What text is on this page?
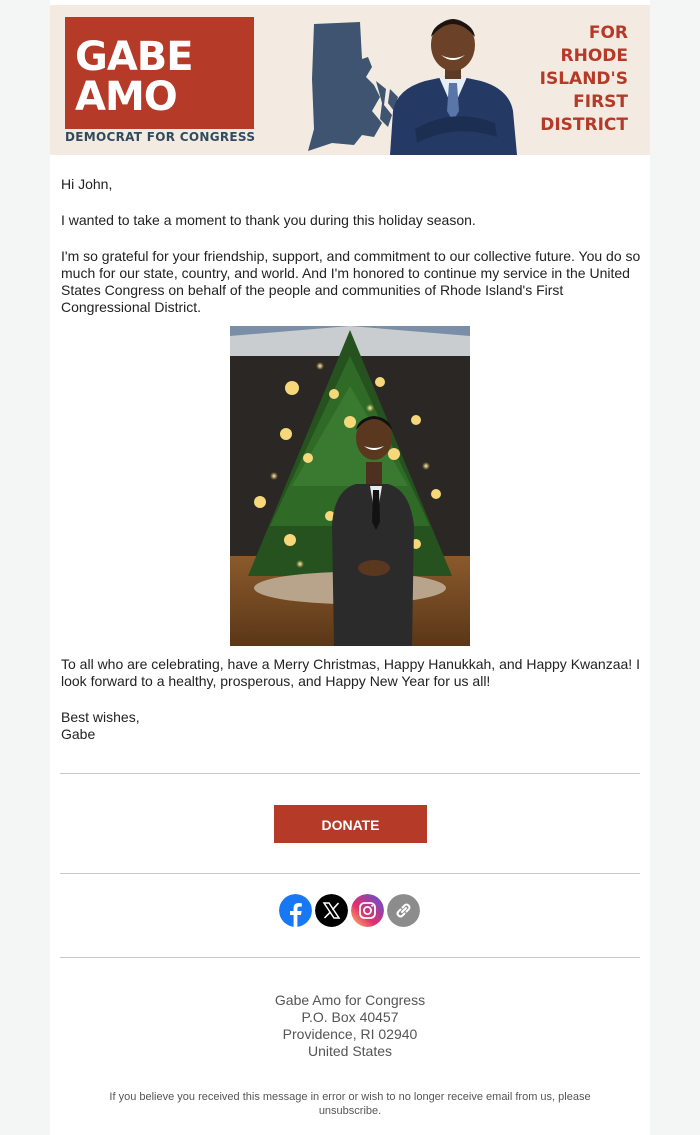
GABE
AMO
DEMOCRAT FOR CONGRESS
FOR
RHODE
ISLAND'S
FIRST
DISTRICT
Hi John,
I wanted to take a moment to thank you during this holiday season.
I'm so grateful for your friendship, support, and commitment to our collective future. You do so much for our state, country, and world. And I'm honored to continue my service in the United States Congress on behalf of the people and communities of Rhode Island's First Congressional District.
To all who are celebrating, have a Merry Christmas, Happy Hanukkah, and Happy Kwanzaa! I look forward to a healthy, prosperous, and Happy New Year for us all!
Best wishes,
Gabe
DONATE
Gabe Amo for Congress
P.O. Box 40457
Providence, RI 02940
United States
If you believe you received this message in error or wish to no longer receive email from us, please unsubscribe.
